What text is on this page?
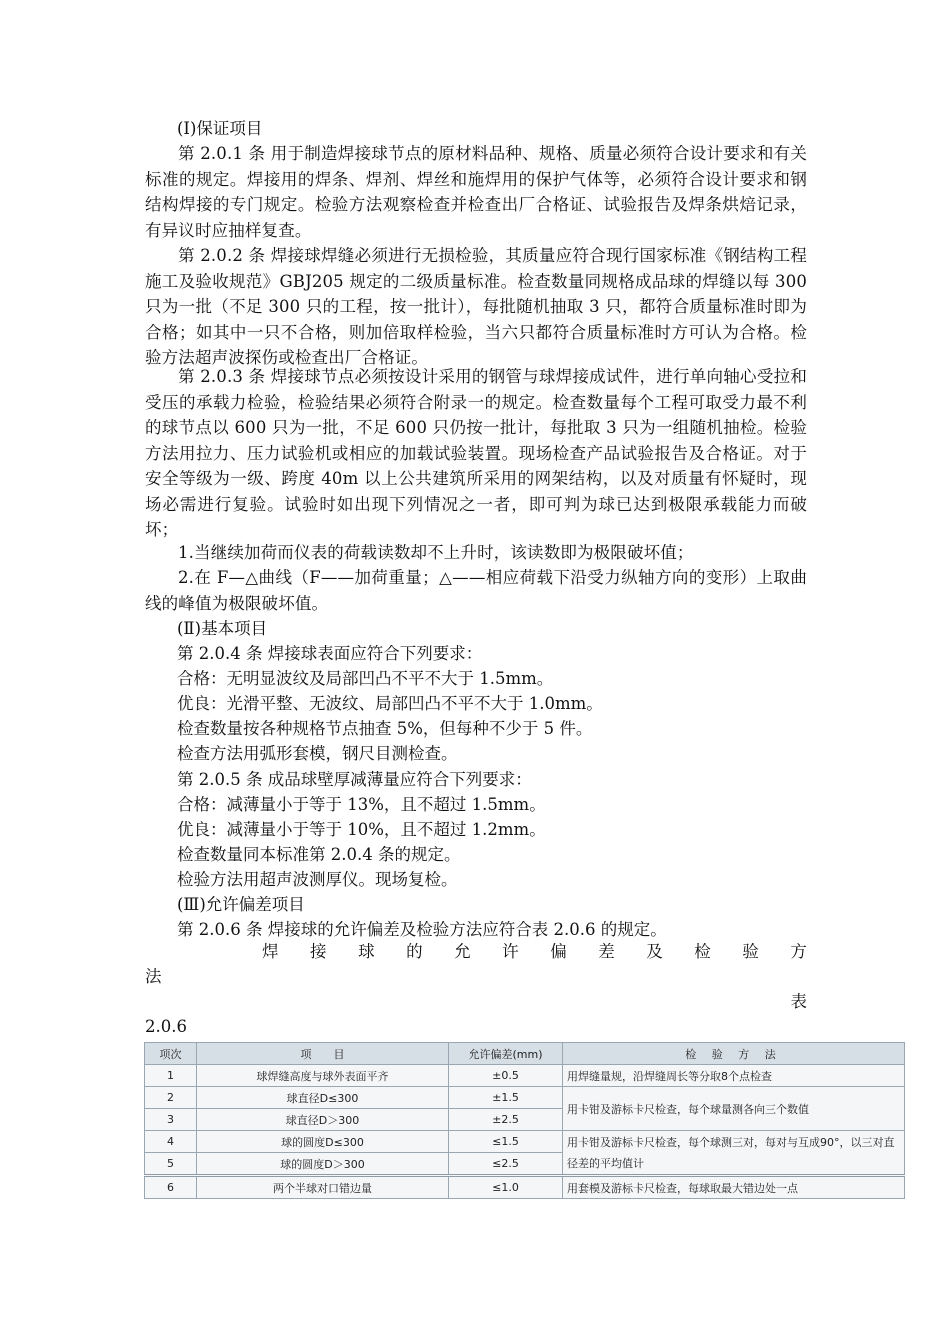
(Ⅰ)保证项目

第 2.0.1 条 用于制造焊接球节点的原材料品种、规格、质量必须符合设计要求和有关标准的规定。焊接用的焊条、焊剂、焊丝和施焊用的保护气体等，必须符合设计要求和钢结构焊接的专门规定。检验方法观察检查并检查出厂合格证、试验报告及焊条烘焙记录，有异议时应抽样复查。

第 2.0.2 条 焊接球焊缝必须进行无损检验，其质量应符合现行国家标准《钢结构工程施工及验收规范》GBJ205 规定的二级质量标准。检查数量同规格成品球的焊缝以每 300 只为一批（不足 300 只的工程，按一批计），每批随机抽取 3 只，都符合质量标准时即为合格；如其中一只不合格，则加倍取样检验，当六只都符合质量标准时方可认为合格。检验方法超声波探伤或检查出厂合格证。

第 2.0.3 条 焊接球节点必须按设计采用的钢管与球焊接成试件，进行单向轴心受拉和受压的承载力检验，检验结果必须符合附录一的规定。检查数量每个工程可取受力最不利的球节点以 600 只为一批，不足 600 只仍按一批计，每批取 3 只为一组随机抽检。检验方法用拉力、压力试验机或相应的加载试验装置。现场检查产品试验报告及合格证。对于安全等级为一级、跨度 40m 以上公共建筑所采用的网架结构，以及对质量有怀疑时，现场必需进行复验。试验时如出现下列情况之一者，即可判为球已达到极限承载能力而破坏；

1.当继续加荷而仪表的荷载读数却不上升时，该读数即为极限破坏值；

2.在 F—△曲线（F——加荷重量；△——相应荷载下沿受力纵轴方向的变形）上取曲线的峰值为极限破坏值。

(Ⅱ)基本项目

第 2.0.4 条 焊接球表面应符合下列要求：

合格：无明显波纹及局部凹凸不平不大于 1.5mm。

优良：光滑平整、无波纹、局部凹凸不平不大于 1.0mm。

检查数量按各种规格节点抽查 5%，但每种不少于 5 件。

检查方法用弧形套模，钢尺目测检查。

第 2.0.5 条 成品球壁厚减薄量应符合下列要求：

合格：减薄量小于等于 13%，且不超过 1.5mm。

优良：减薄量小于等于 10%，且不超过 1.2mm。

检查数量同本标准第 2.0.4 条的规定。

检验方法用超声波测厚仪。现场复检。

(Ⅲ)允许偏差项目

第 2.0.6 条 焊接球的允许偏差及检验方法应符合表 2.0.6 的规定。

焊 接 球 的 允 许 偏 差 及 检 验 方
法
表
2.0.6
项次	项　　目	允许偏差(mm)	检 验 方 法
1	球焊缝高度与球外表面平齐	±0.5	用焊缝量规，沿焊缝周长等分取8个点检查
2	球直径D≤300	±1.5	用卡钳及游标卡尺检查，每个球量测各向三个数值
3	球直径D＞300	±2.5	
4	球的圆度D≤300	≤1.5	用卡钳及游标卡尺检查，每个球测三对，每对与互成90°，以三对直径差的平均值计
5	球的圆度D＞300	≤2.5	
6	两个半球对口错边量	≤1.0	用套模及游标卡尺检查，每球取最大错边处一点
